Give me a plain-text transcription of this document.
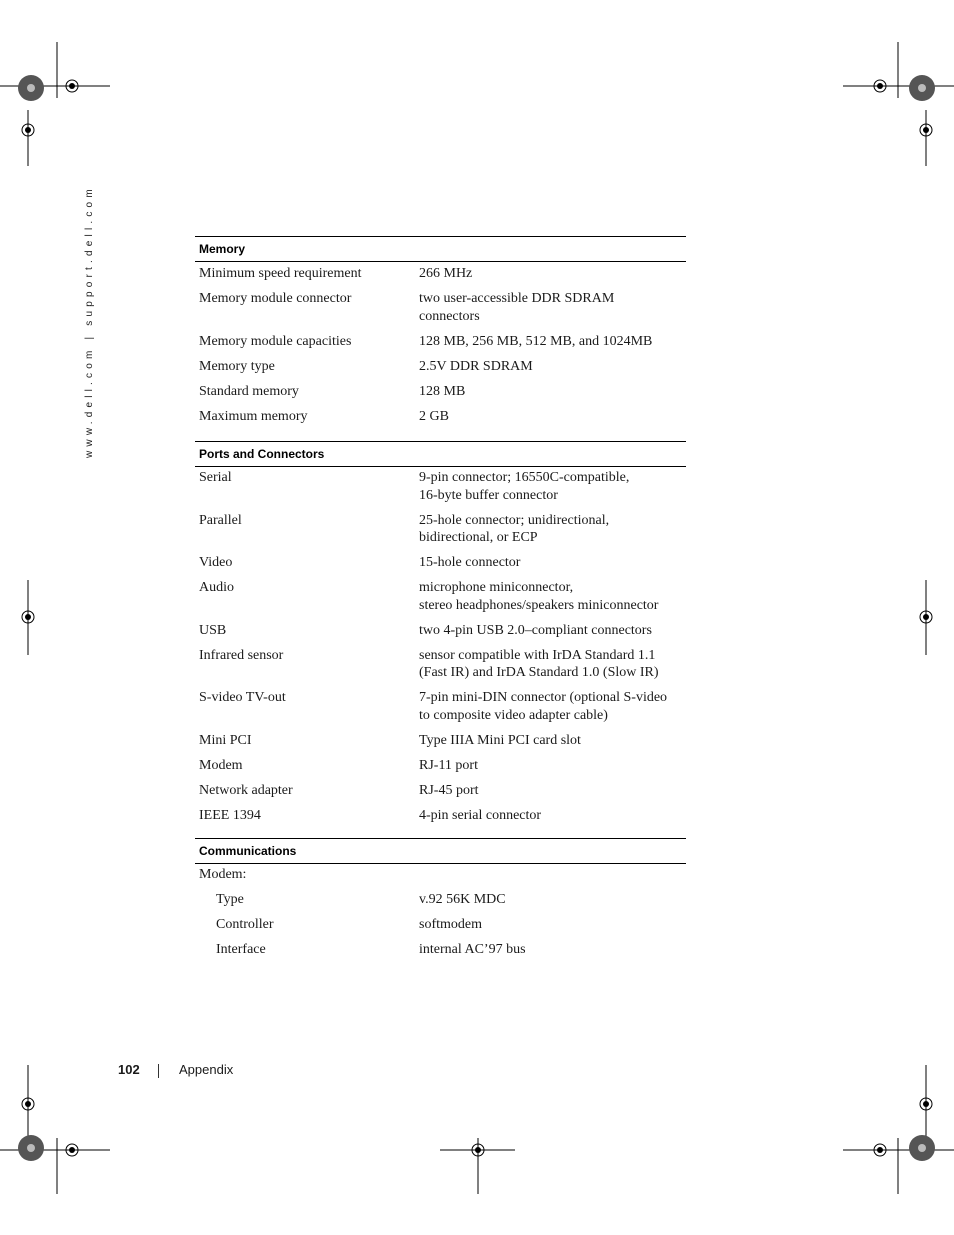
www.dell.com | support.dell.com	Memory
Minimum speed requirement	266 MHz
Memory module connector	two user-accessible DDR SDRAM
connectors
Memory module capacities	128 MB, 256 MB, 512 MB, and 1024MB
Memory type	2.5V DDR SDRAM
Standard memory	128 MB
Maximum memory	2 GB
Ports and Connectors
Serial	9-pin connector; 16550C-compatible,
16-byte buffer connector
Parallel	25-hole connector; unidirectional,
bidirectional, or ECP
Video	15-hole connector
Audio	microphone miniconnector,
stereo headphones/speakers miniconnector
USB	two 4-pin USB 2.0–compliant connectors
Infrared sensor	sensor compatible with IrDA Standard 1.1
(Fast IR) and IrDA Standard 1.0 (Slow IR)
S-video TV-out	7-pin mini-DIN connector (optional S-video
to composite video adapter cable)
Mini PCI	Type IIIA Mini PCI card slot
Modem	RJ-11 port
Network adapter	RJ-45 port
IEEE 1394	4-pin serial connector
Communications
Modem:
Type	v.92 56K MDC
Controller	softmodem
Interface	internal AC’97 bus
102	Appendix
